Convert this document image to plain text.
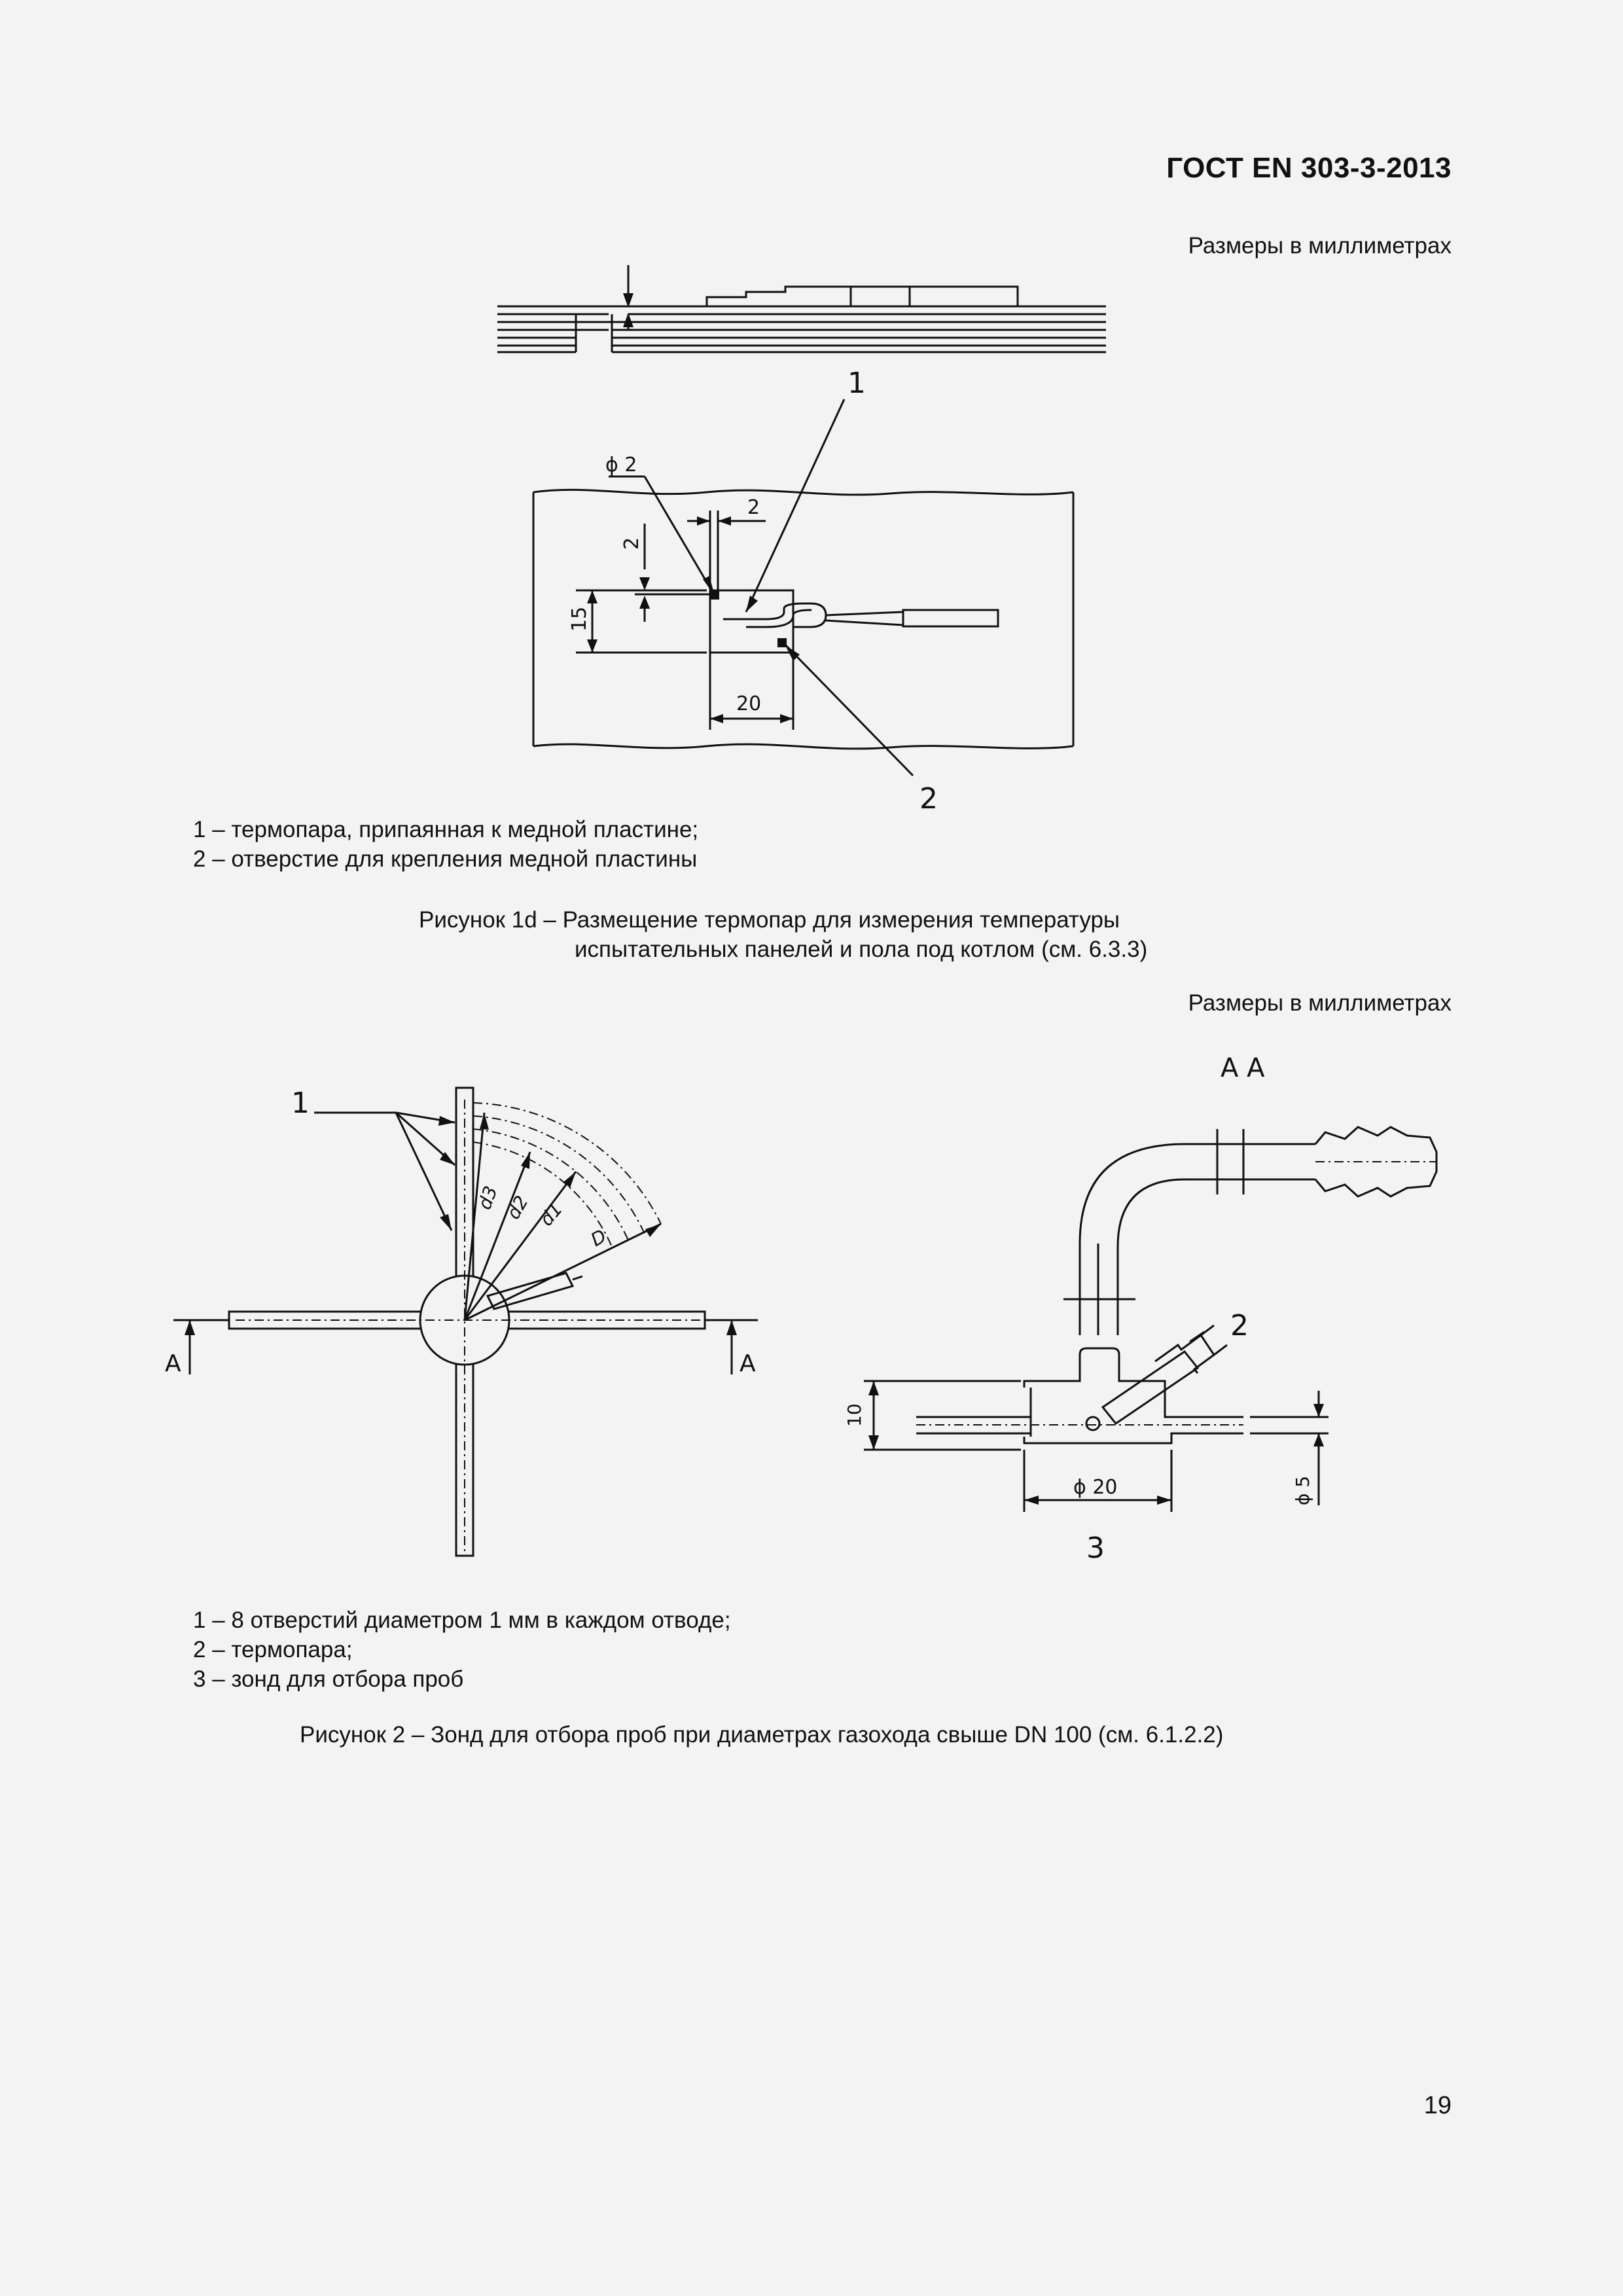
ГОСТ EN 303-3-2013
Размеры в миллиметрах
1
2
ϕ 2
2
2
15
20
1 – термопара, припаянная к медной пластине;
2 – отверстие для крепления медной пластины
Рисунок 1d – Размещение термопар для измерения температуры
испытательных панелей и пола под котлом (см. 6.3.3)
Размеры в миллиметрах
A	A
1
d3 d2 d1
D
A A
2
3
10
ϕ 20	ϕ 5
1 – 8 отверстий диаметром 1 мм в каждом отводе;
2 – термопара;
3 – зонд для отбора проб
Рисунок 2 – Зонд для отбора проб при диаметрах газохода свыше DN 100 (см. 6.1.2.2)
19
